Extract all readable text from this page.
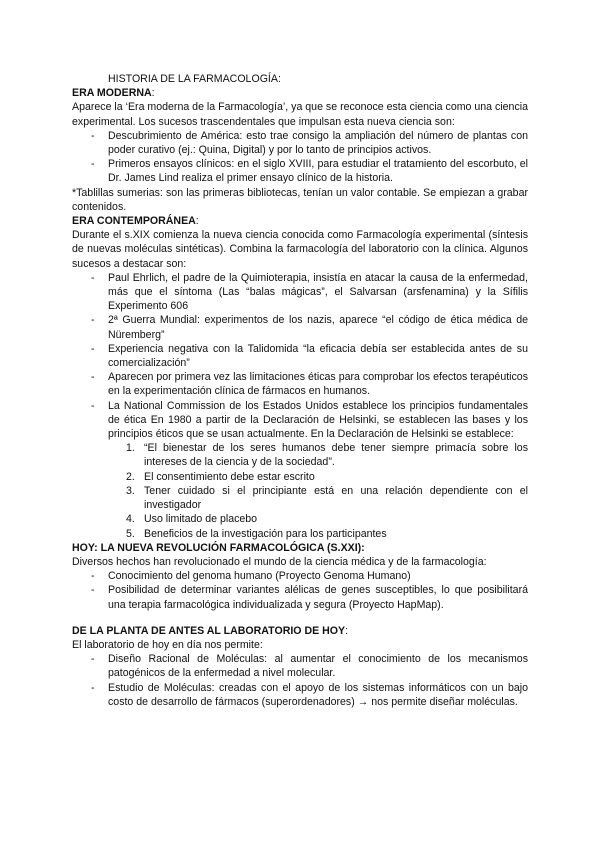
HISTORIA DE LA FARMACOLOGÍA:

ERA MODERNA:

Aparece la ‘Era moderna de la Farmacología’, ya que se reconoce esta ciencia como una ciencia experimental. Los sucesos trascendentales que impulsan esta nueva ciencia son:

- Descubrimiento de América: esto trae consigo la ampliación del número de plantas con poder curativo (ej.: Quina, Digital) y por lo tanto de principios activos.
- Primeros ensayos clínicos: en el siglo XVIII, para estudiar el tratamiento del escorbuto, el Dr. James Lind realiza el primer ensayo clínico de la historia.

*Tablillas sumerias: son las primeras bibliotecas, tenían un valor contable. Se empiezan a grabar contenidos.

ERA CONTEMPORÁNEA:

Durante el s.XIX comienza la nueva ciencia conocida como Farmacología experimental (síntesis de nuevas moléculas sintéticas). Combina la farmacología del laboratorio con la clínica. Algunos sucesos a destacar son:

- Paul Ehrlich, el padre de la Quimioterapia, insistía en atacar la causa de la enfermedad, más que el síntoma (Las “balas mágicas”, el Salvarsan (arsfenamina) y la Sífilis Experimento 606
- 2ª Guerra Mundial: experimentos de los nazis, aparece “el código de ética médica de Nüremberg”
- Experiencia negativa con la Talidomida “la eficacia debía ser establecida antes de su comercialización”
- Aparecen por primera vez las limitaciones éticas para comprobar los efectos terapéuticos en la experimentación clínica de fármacos en humanos.
- La National Commission de los Estados Unidos establece los principios fundamentales de ética En 1980 a partir de la Declaración de Helsinki, se establecen las bases y los principios éticos que se usan actualmente. En la Declaración de Helsinki se establece:
1. “El bienestar de los seres humanos debe tener siempre primacía sobre los intereses de la ciencia y de la sociedad”.
2. El consentimiento debe estar escrito
3. Tener cuidado si el principiante está en una relación dependiente con el investigador
4. Uso limitado de placebo
5. Beneficios de la investigación para los participantes

HOY: LA NUEVA REVOLUCIÓN FARMACOLÓGICA (S.XXI):

Diversos hechos han revolucionado el mundo de la ciencia médica y de la farmacología:

- Conocimiento del genoma humano (Proyecto Genoma Humano)
- Posibilidad de determinar variantes alélicas de genes susceptibles, lo que posibilitará una terapia farmacológica individualizada y segura (Proyecto HapMap).

DE LA PLANTA DE ANTES AL LABORATORIO DE HOY:

El laboratorio de hoy en día nos permite:

- Diseño Racional de Moléculas: al aumentar el conocimiento de los mecanismos patogénicos de la enfermedad a nivel molecular.
- Estudio de Moléculas: creadas con el apoyo de los sistemas informáticos con un bajo costo de desarrollo de fármacos (superordenadores) → nos permite diseñar moléculas.
